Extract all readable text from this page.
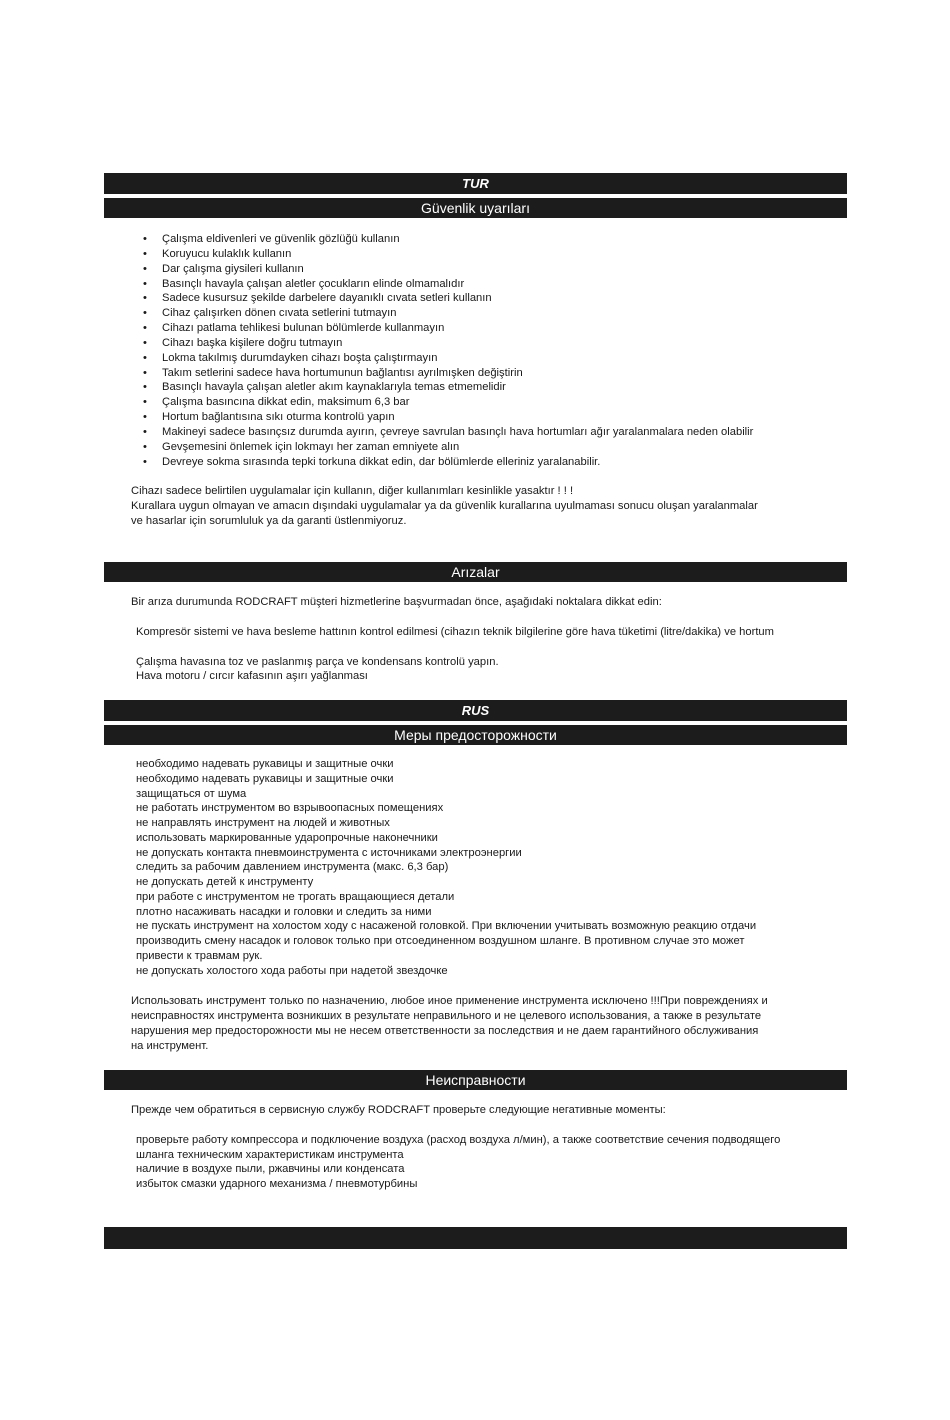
TUR
Güvenlik uyarıları
• Çalışma eldivenleri ve güvenlik gözlüğü kullanın
• Koruyucu kulaklık kullanın
• Dar çalışma giysileri kullanın
• Basınçlı havayla çalışan aletler çocukların elinde olmamalıdır
• Sadece kusursuz şekilde darbelere dayanıklı cıvata setleri kullanın
• Cihaz çalışırken dönen cıvata setlerini tutmayın
• Cihazı patlama tehlikesi bulunan bölümlerde kullanmayın
• Cihazı başka kişilere doğru tutmayın
• Lokma takılmış durumdayken cihazı boşta çalıştırmayın
• Takım setlerini sadece hava hortumunun bağlantısı ayrılmışken değiştirin
• Basınçlı havayla çalışan aletler akım kaynaklarıyla temas etmemelidir
• Çalışma basıncına dikkat edin, maksimum 6,3 bar
• Hortum bağlantısına sıkı oturma kontrolü yapın
• Makineyi sadece basınçsız durumda ayırın, çevreye savrulan basınçlı hava hortumları ağır yaralanmalara neden olabilir
• Gevşemesini önlemek için lokmayı her zaman emniyete alın
• Devreye sokma sırasında tepki torkuna dikkat edin, dar bölümlerde elleriniz yaralanabilir.
Cihazı sadece belirtilen uygulamalar için kullanın, diğer kullanımları kesinlikle yasaktır ! ! !
Kurallara uygun olmayan ve amacın dışındaki uygulamalar ya da güvenlik kurallarına uyulmaması sonucu oluşan yaralanmalar
ve hasarlar için sorumluluk ya da garanti üstlenmiyoruz.
Arızalar
Bir arıza durumunda RODCRAFT müşteri hizmetlerine başvurmadan önce, aşağıdaki noktalara dikkat edin:
Kompresör sistemi ve hava besleme hattının kontrol edilmesi (cihazın teknik bilgilerine göre hava tüketimi (litre/dakika) ve hortum
Çalışma havasına toz ve paslanmış parça ve kondensans kontrolü yapın.
Hava motoru / cırcır kafasının aşırı yağlanması
RUS
Меры предосторожности
необходимо надевать рукавицы и защитные очки
необходимо надевать рукавицы и защитные очки
защищаться от шума
не работать инструментом во взрывоопасных помещениях
не направлять инструмент на людей и животных
использовать маркированные ударопрочные наконечники
не допускать контакта пневмоинструмента с источниками электроэнергии
следить за рабочим давлением инструмента (макс. 6,3 бар)
не допускать детей к инструменту
при работе с инструментом не трогать вращающиеся детали
плотно насаживать насадки и головки и следить за ними
не пускать инструмент на холостом ходу с насаженой головкой. При включении учитывать возможную реакцию отдачи
производить смену насадок и головок только при отсоединенном воздушном шланге. В противном случае это может
привести к травмам рук.
не допускать холостого хода работы при надетой звездочке
Использовать инструмент только по назначению, любое иное применение инструмента исключено !!!При повреждениях и
неисправностях инструмента возникших в результате неправильного и не целевого использования, а также в результате
нарушения мер предосторожности мы не несем ответственности за последствия и не даем гарантийного обслуживания
на инструмент.
Неисправности
Прежде чем обратиться в сервисную службу RODCRAFT проверьте следующие негативные моменты:
проверьте работу компрессора и подключение воздуха (расход воздуха л/мин), а также соответствие сечения подводящего
шланга техническим характеристикам инструмента
наличие в воздухе пыли, ржавчины или конденсата
избыток смазки ударного механизма / пневмотурбины
